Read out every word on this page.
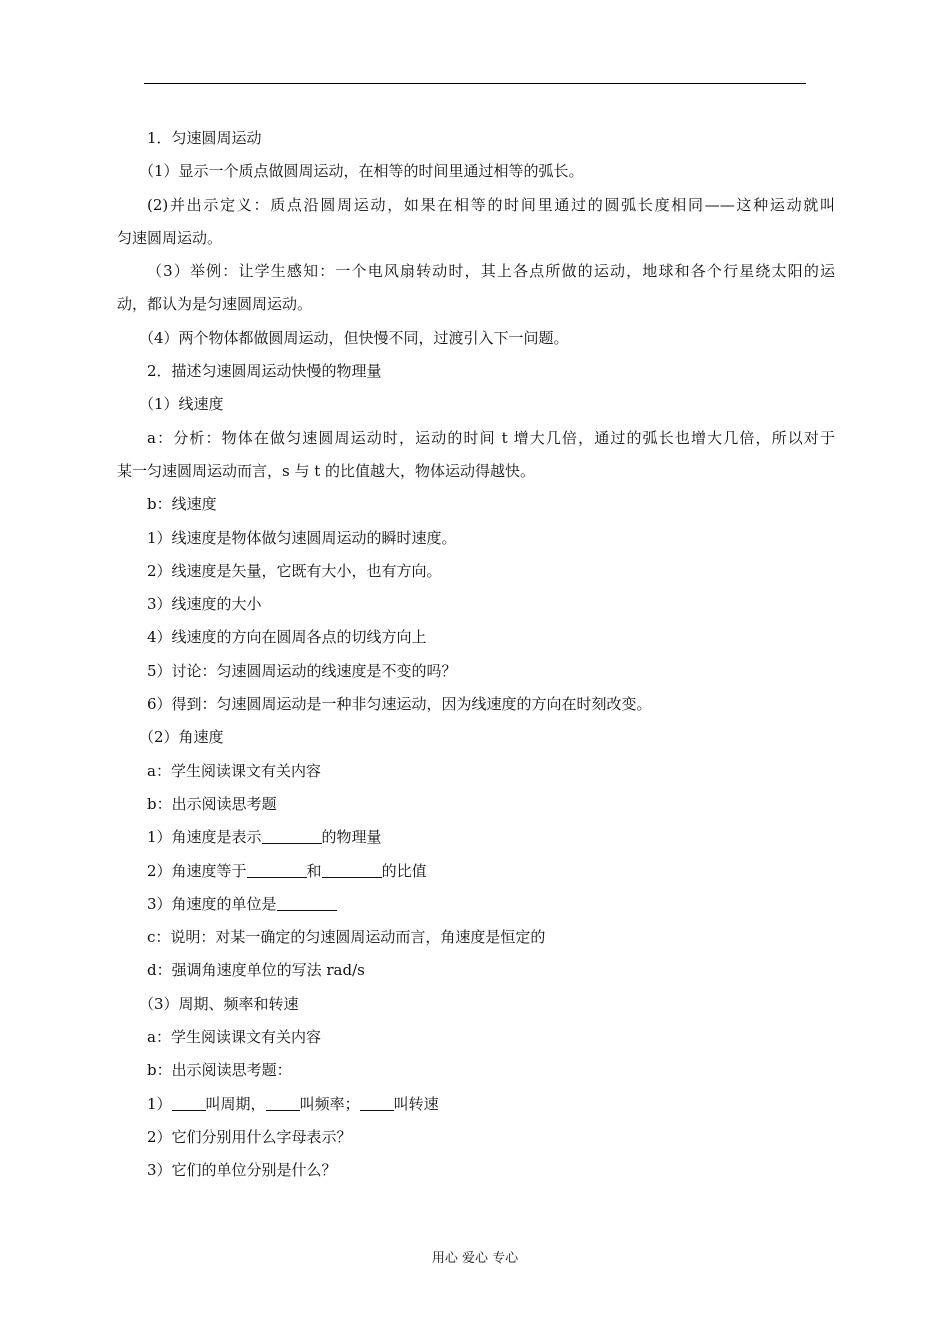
1．匀速圆周运动
（1）显示一个质点做圆周运动，在相等的时间里通过相等的弧长。
(2)并出示定义：质点沿圆周运动，如果在相等的时间里通过的圆弧长度相同——这种运动就叫
匀速圆周运动。
（3）举例：让学生感知：一个电风扇转动时，其上各点所做的运动，地球和各个行星绕太阳的运
动，都认为是匀速圆周运动。
（4）两个物体都做圆周运动，但快慢不同，过渡引入下一问题。
2．描述匀速圆周运动快慢的物理量
（1）线速度
a：分析：物体在做匀速圆周运动时，运动的时间 t 增大几倍，通过的弧长也增大几倍，所以对于
某一匀速圆周运动而言，s 与 t 的比值越大，物体运动得越快。
b：线速度
1）线速度是物体做匀速圆周运动的瞬时速度。
2）线速度是矢量，它既有大小，也有方向。
3）线速度的大小
4）线速度的方向在圆周各点的切线方向上
5）讨论：匀速圆周运动的线速度是不变的吗？
6）得到：匀速圆周运动是一种非匀速运动，因为线速度的方向在时刻改变。
（2）角速度
a：学生阅读课文有关内容
b：出示阅读思考题
1）角速度是表示	的物理量
2）角速度等于	和	的比值
3）角速度的单位是
c：说明：对某一确定的匀速圆周运动而言，角速度是恒定的
d：强调角速度单位的写法 rad/s
（3）周期、频率和转速
a：学生阅读课文有关内容
b：出示阅读思考题：
1） 叫周期， 叫频率； 叫转速
2）它们分别用什么字母表示？
3）它们的单位分别是什么？
用心 爱心 专心
